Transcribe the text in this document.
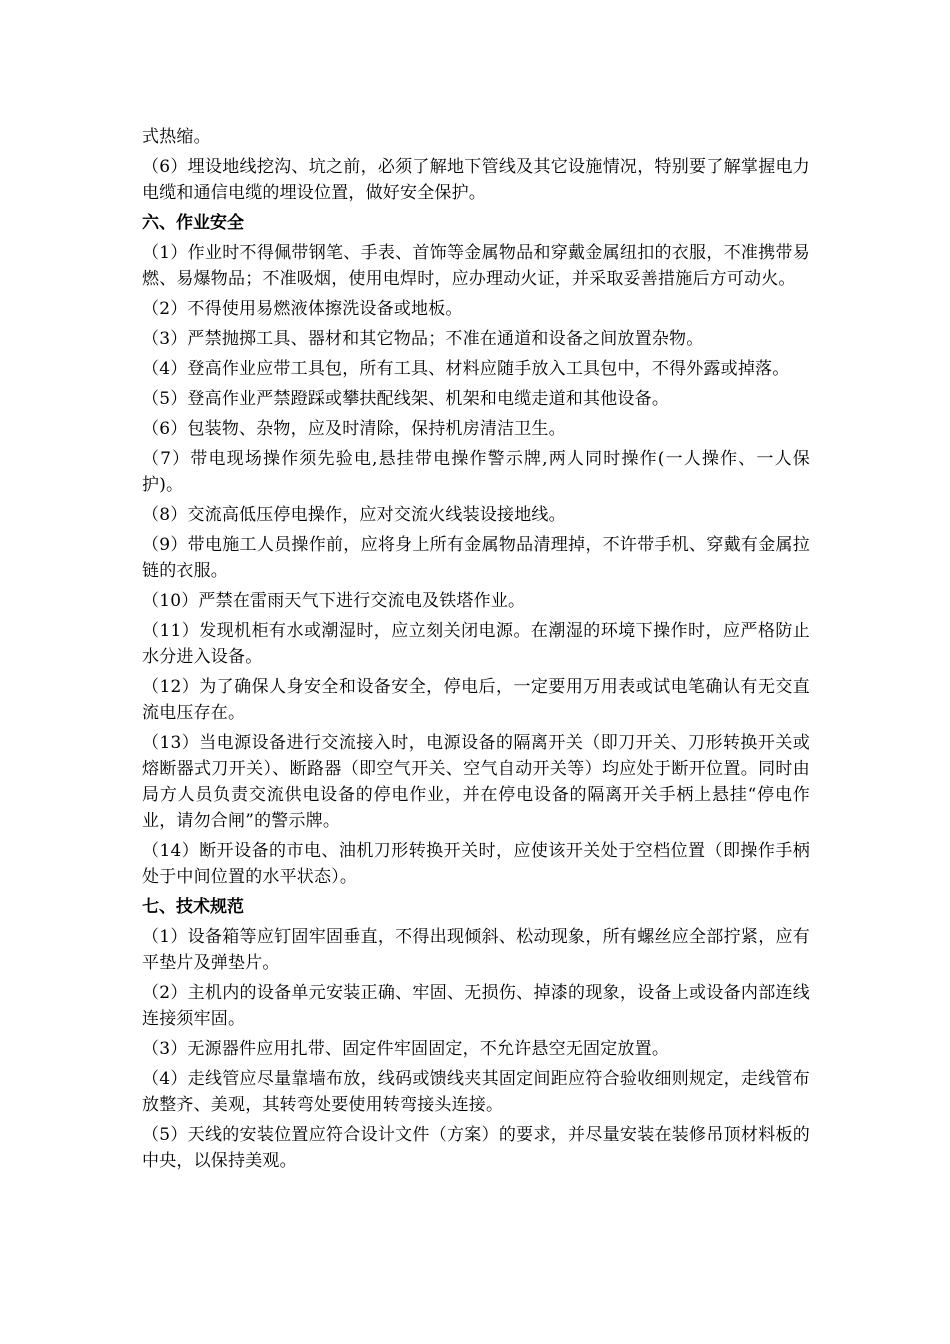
式热缩。

（6）埋设地线挖沟、坑之前，必须了解地下管线及其它设施情况，特别要了解掌握电力电缆和通信电缆的埋设位置，做好安全保护。

六、作业安全

（1）作业时不得佩带钢笔、手表、首饰等金属物品和穿戴金属纽扣的衣服，不准携带易燃、易爆物品；不准吸烟，使用电焊时，应办理动火证，并采取妥善措施后方可动火。

（2）不得使用易燃液体擦洗设备或地板。

（3）严禁抛掷工具、器材和其它物品；不准在通道和设备之间放置杂物。

（4）登高作业应带工具包，所有工具、材料应随手放入工具包中，不得外露或掉落。

（5）登高作业严禁蹬踩或攀扶配线架、机架和电缆走道和其他设备。

（6）包装物、杂物，应及时清除，保持机房清洁卫生。

（7）带电现场操作须先验电,悬挂带电操作警示牌,两人同时操作(一人操作、一人保护)。

（8）交流高低压停电操作，应对交流火线装设接地线。

（9）带电施工人员操作前，应将身上所有金属物品清理掉，不许带手机、穿戴有金属拉链的衣服。

（10）严禁在雷雨天气下进行交流电及铁塔作业。

（11）发现机柜有水或潮湿时，应立刻关闭电源。在潮湿的环境下操作时，应严格防止水分进入设备。

（12）为了确保人身安全和设备安全，停电后，一定要用万用表或试电笔确认有无交直流电压存在。

（13）当电源设备进行交流接入时，电源设备的隔离开关（即刀开关、刀形转换开关或熔断器式刀开关）、断路器（即空气开关、空气自动开关等）均应处于断开位置。同时由局方人员负责交流供电设备的停电作业，并在停电设备的隔离开关手柄上悬挂“停电作业，请勿合闸”的警示牌。

（14）断开设备的市电、油机刀形转换开关时，应使该开关处于空档位置（即操作手柄处于中间位置的水平状态）。

七、技术规范

（1）设备箱等应钉固牢固垂直，不得出现倾斜、松动现象，所有螺丝应全部拧紧，应有平垫片及弹垫片。

（2）主机内的设备单元安装正确、牢固、无损伤、掉漆的现象，设备上或设备内部连线连接须牢固。

（3）无源器件应用扎带、固定件牢固固定，不允许悬空无固定放置。

（4）走线管应尽量靠墙布放，线码或馈线夹其固定间距应符合验收细则规定，走线管布放整齐、美观，其转弯处要使用转弯接头连接。

（5）天线的安装位置应符合设计文件（方案）的要求，并尽量安装在装修吊顶材料板的中央，以保持美观。
